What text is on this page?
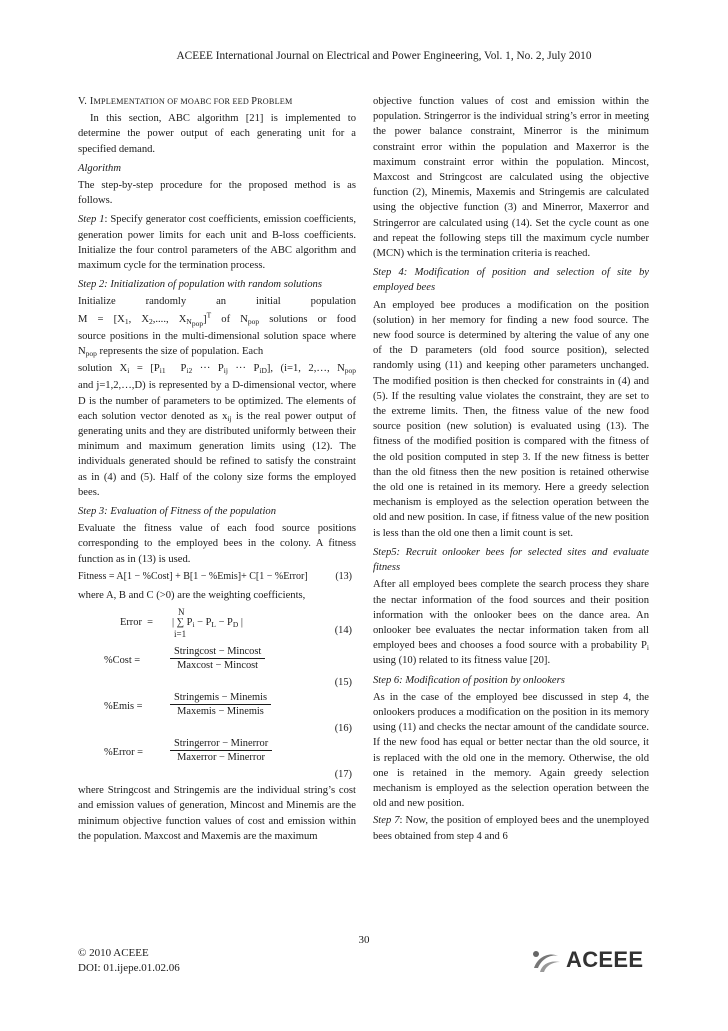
ACEEE International Journal on Electrical and Power Engineering, Vol. 1, No. 2, July 2010

V. IMPLEMENTATION OF MOABC FOR EED PROBLEM

In this section, ABC algorithm [21] is implemented to determine the power output of each generating unit for a specified demand.

Algorithm

The step-by-step procedure for the proposed method is as follows.

Step 1: Specify generator cost coefficients, emission coefficients, generation power limits for each unit and B-loss coefficients. Initialize the four control parameters of the ABC algorithm and maximum cycle for the termination process.

Step 2: Initialization of population with random solutions

Initialize randomly an initial population

$M = [X_1$, $X_2$,...., $X_{N_{pop}}]^T$ of $N_{pop}$ solutions or food

source positions in the multi-dimensional solution space where $N_{pop}$ represents the size of population. Each

solution $X_i = [P_{i1}$  $P_{i2}$ ··· $P_{ij}$ ··· $P_{iD}$], (i=1, 2,…, $N_{pop}$

and j=1,2,…,D) is represented by a D-dimensional vector, where D is the number of parameters to be optimized. The elements of each solution vector denoted as $x_{ij}$ is the real power output of generating units and they are distributed uniformly between their minimum and maximum generation limits using (12). The individuals generated should be refined to satisfy the constraint as in (4) and (5). Half of the colony size forms the employed bees.

Step 3: Evaluation of Fitness of the population

Evaluate the fitness value of each food source positions corresponding to the employed bees in the colony. A fitness function as in (13) is used.

Fitness = A[1 − %Cost] + B[1 − %Emis]+ C[1 − %Error]	(13)

where A, B and C (>0) are the weighting coefficients,

Error  =
N
| ∑ $P_i - P_L - P_D$ |
i=1	(14)
%Cost =
Stringcost − Mincost
Maxcost − Mincost
(15)
%Emis =
Stringemis − Minemis
Maxemis − Minemis
(16)
%Error =
Stringerror − Minerror
Maxerror − Minerror
(17)

where Stringcost and Stringemis are the individual string’s cost and emission values of generation, Mincost and Minemis are the minimum objective function values of cost and emission within the population. Maxcost and Maxemis are the maximum

objective function values of cost and emission within the population. Stringerror is the individual string’s error in meeting the power balance constraint, Minerror is the minimum constraint error within the population and Maxerror is the maximum constraint error within the population. Mincost, Maxcost and Stringcost are calculated using the objective function (2), Minemis, Maxemis and Stringemis are calculated using the objective function (3) and Minerror, Maxerror and Stringerror are calculated using (14). Set the cycle count as one and repeat the following steps till the maximum cycle number (MCN) which is the termination criteria is reached.

Step 4: Modification of position and selection of site by employed bees

An employed bee produces a modification on the position (solution) in her memory for finding a new food source. The new food source is determined by altering the value of any one of the D parameters (old food source position), selected randomly using (11) and keeping other parameters unchanged. The modified position is then checked for constraints in (4) and (5). If the resulting value violates the constraint, they are set to the extreme limits. Then, the fitness value of the new food source position (new solution) is evaluated using (13). The fitness of the modified position is compared with the fitness of the old position computed in step 3. If the new fitness is better than the old fitness then the new position is retained otherwise the old one is retained in its memory. Here a greedy selection mechanism is employed as the selection operation between the old and new position. In case, if fitness value of the new position is less than the old one then a limit count is set.

Step5: Recruit onlooker bees for selected sites and evaluate fitness

After all employed bees complete the search process they share the nectar information of the food sources and their position information with the onlooker bees on the dance area. An onlooker bee evaluates the nectar information taken from all employed bees and chooses a food source with a probability $P_i$ using (10) related to its fitness value [20].

Step 6: Modification of position by onlookers

As in the case of the employed bee discussed in step 4, the onlookers produces a modification on the position in its memory using (11) and checks the nectar amount of the candidate source. If the new food has equal or better nectar than the old source, it is replaced with the old one in the memory. Otherwise, the old one is retained in the memory. Again greedy selection mechanism is employed as the selection operation between the old and new position.

Step 7: Now, the position of employed bees and the unemployed bees obtained from step 4 and 6

30
© 2010 ACEEE
DOI: 01.ijepe.01.02.06	ACEEE
